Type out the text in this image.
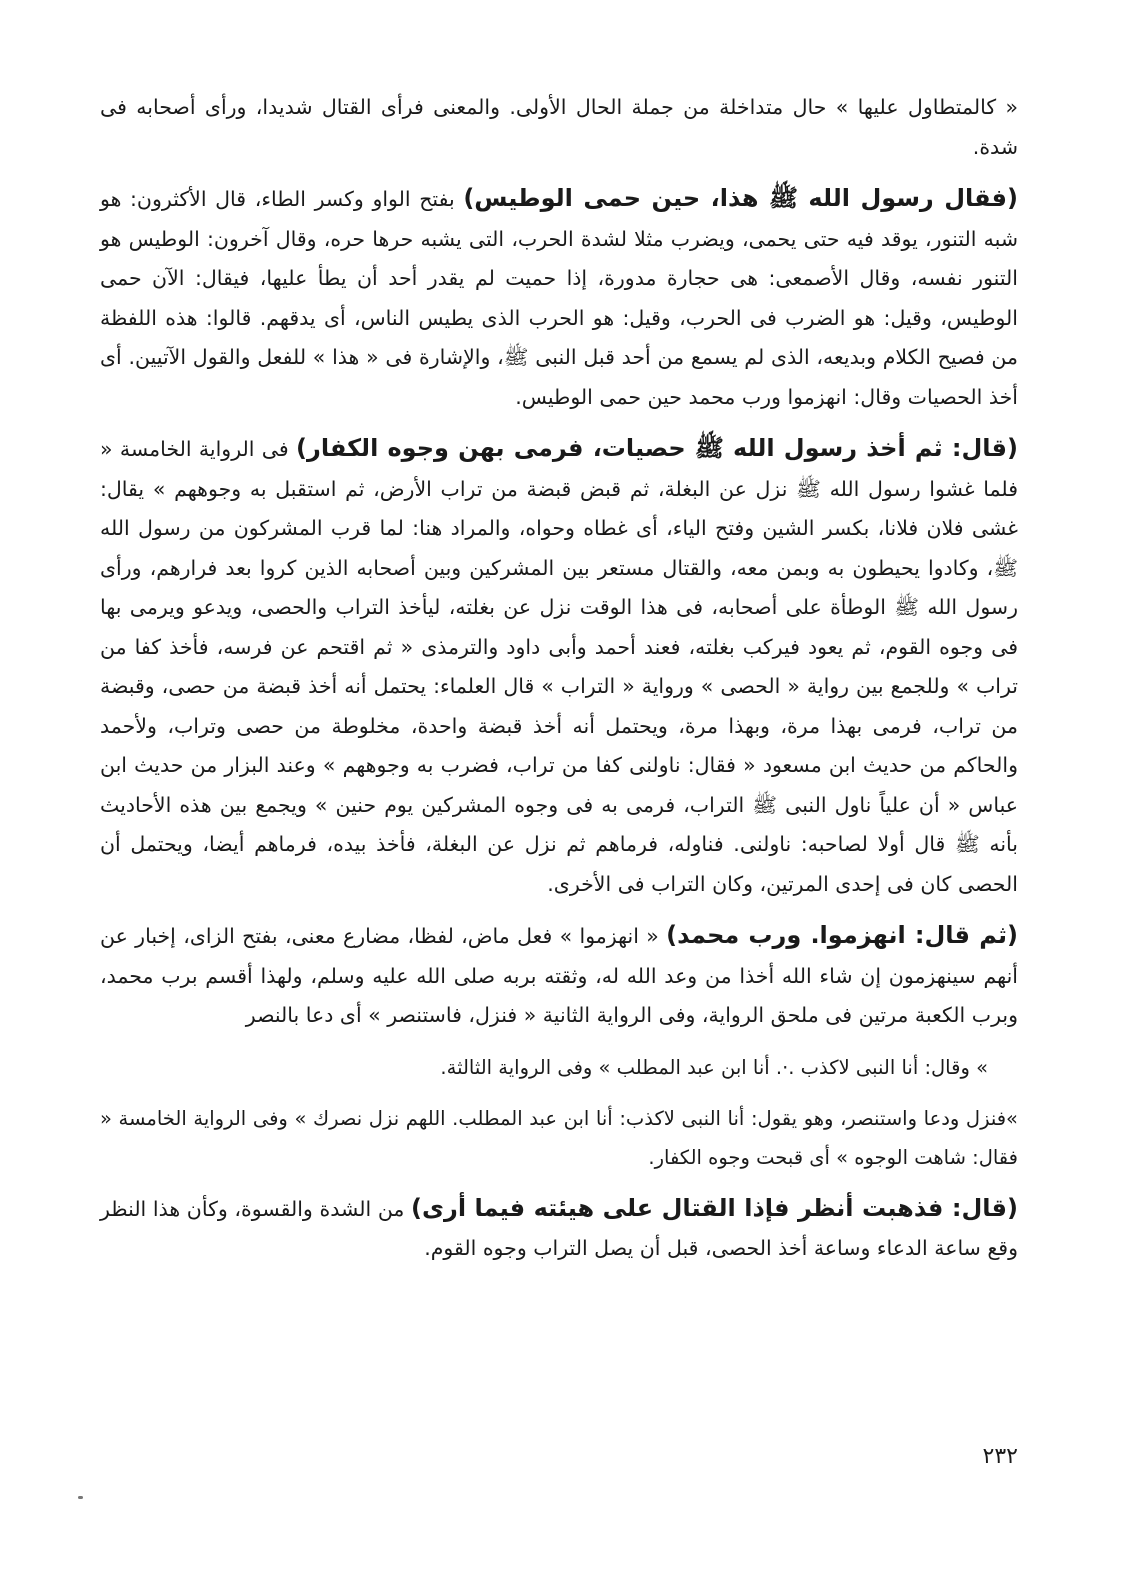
« كالمتطاول عليها » حال متداخلة من جملة الحال الأولى. والمعنى فرأى القتال شديدا، ورأى أصحابه فى شدة.

(فقال رسول الله ﷺ هذا، حين حمى الوطيس) بفتح الواو وكسر الطاء، قال الأكثرون: هو شبه التنور، يوقد فيه حتى يحمى، ويضرب مثلا لشدة الحرب، التى يشبه حرها حره، وقال آخرون: الوطيس هو التنور نفسه، وقال الأصمعى: هى حجارة مدورة، إذا حميت لم يقدر أحد أن يطأ عليها، فيقال: الآن حمى الوطيس، وقيل: هو الضرب فى الحرب، وقيل: هو الحرب الذى يطيس الناس، أى يدقهم. قالوا: هذه اللفظة من فصيح الكلام وبديعه، الذى لم يسمع من أحد قبل النبى ﷺ، والإشارة فى « هذا » للفعل والقول الآتيين. أى أخذ الحصيات وقال: انهزموا ورب محمد حين حمى الوطيس.

(قال: ثم أخذ رسول الله ﷺ حصيات، فرمى بهن وجوه الكفار) فى الرواية الخامسة « فلما غشوا رسول الله ﷺ نزل عن البغلة، ثم قبض قبضة من تراب الأرض، ثم استقبل به وجوههم » يقال: غشى فلان فلانا، بكسر الشين وفتح الياء، أى غطاه وحواه، والمراد هنا: لما قرب المشركون من رسول الله ﷺ، وكادوا يحيطون به وبمن معه، والقتال مستعر بين المشركين وبين أصحابه الذين كروا بعد فرارهم، ورأى رسول الله ﷺ الوطأة على أصحابه، فى هذا الوقت نزل عن بغلته، ليأخذ التراب والحصى، ويدعو ويرمى بها فى وجوه القوم، ثم يعود فيركب بغلته، فعند أحمد وأبى داود والترمذى « ثم اقتحم عن فرسه، فأخذ كفا من تراب » وللجمع بين رواية « الحصى » ورواية « التراب » قال العلماء: يحتمل أنه أخذ قبضة من حصى، وقبضة من تراب، فرمى بهذا مرة، وبهذا مرة، ويحتمل أنه أخذ قبضة واحدة، مخلوطة من حصى وتراب، ولأحمد والحاكم من حديث ابن مسعود « فقال: ناولنى كفا من تراب، فضرب به وجوههم » وعند البزار من حديث ابن عباس « أن علياً ناول النبى ﷺ التراب، فرمى به فى وجوه المشركين يوم حنين » ويجمع بين هذه الأحاديث بأنه ﷺ قال أولا لصاحبه: ناولنى. فناوله، فرماهم ثم نزل عن البغلة، فأخذ بيده، فرماهم أيضا، ويحتمل أن الحصى كان فى إحدى المرتين، وكان التراب فى الأخرى.

(ثم قال: انهزموا. ورب محمد) « انهزموا » فعل ماض، لفظا، مضارع معنى، بفتح الزاى، إخبار عن أنهم سينهزمون إن شاء الله أخذا من وعد الله له، وثقته بربه صلى الله عليه وسلم، ولهذا أقسم برب محمد، وبرب الكعبة مرتين فى ملحق الرواية، وفى الرواية الثانية « فنزل، فاستنصر » أى دعا بالنصر

» وقال: أنا النبى لاكذب .·. أنا ابن عبد المطلب » وفى الرواية الثالثة.

»فنزل ودعا واستنصر، وهو يقول: أنا النبى لاكذب: أنا ابن عبد المطلب. اللهم نزل نصرك » وفى الرواية الخامسة « فقال: شاهت الوجوه » أى قبحت وجوه الكفار.

(قال: فذهبت أنظر فإذا القتال على هيئته فيما أرى) من الشدة والقسوة، وكأن هذا النظر وقع ساعة الدعاء وساعة أخذ الحصى، قبل أن يصل التراب وجوه القوم.

٢٣٢
